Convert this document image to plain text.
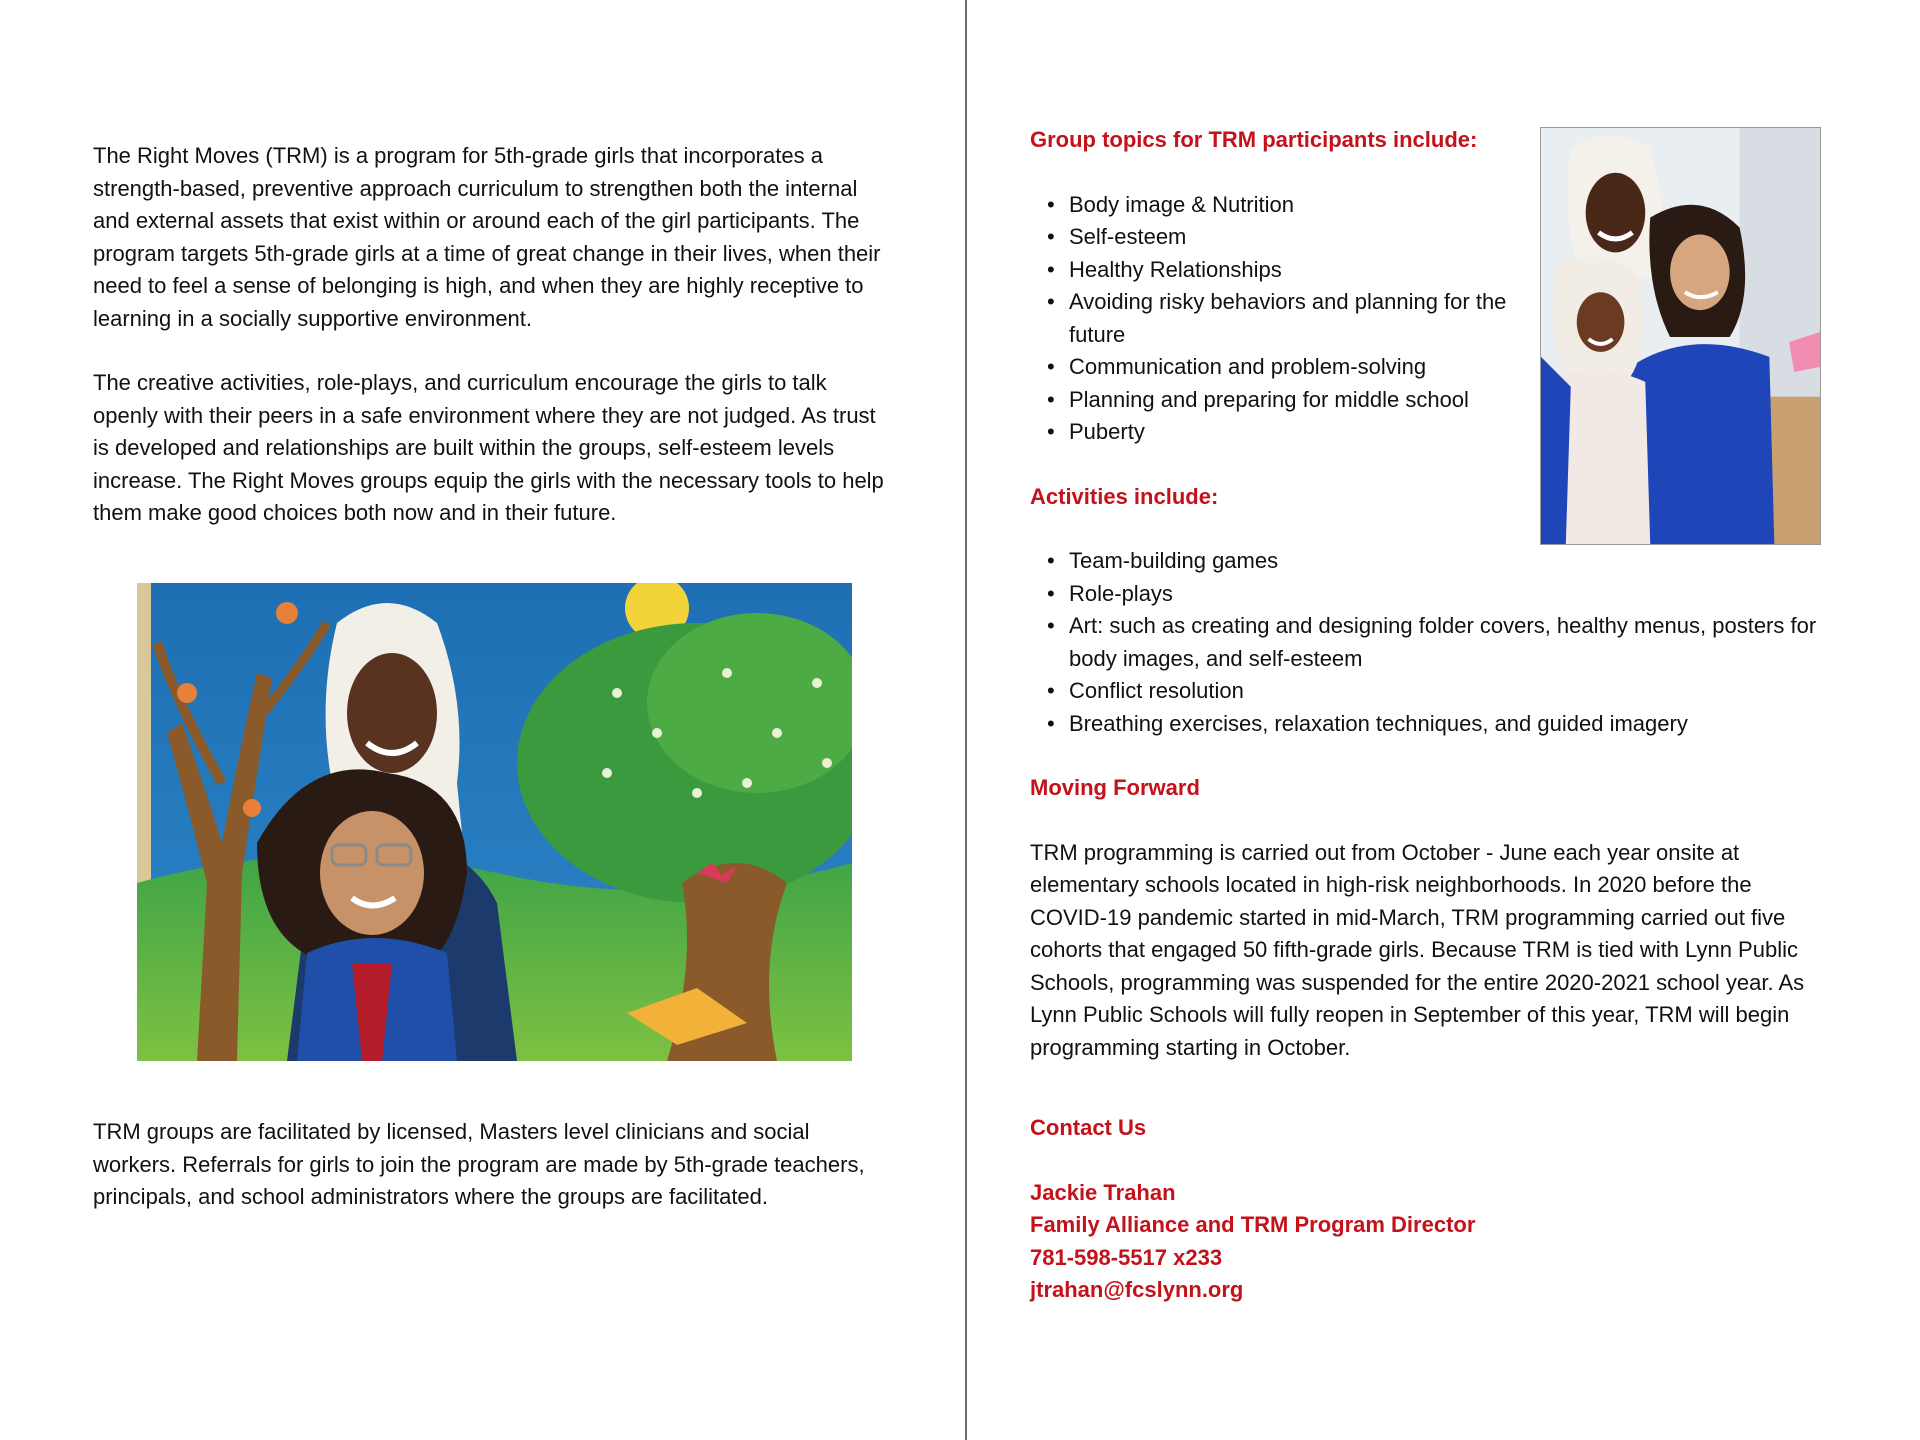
The Right Moves (TRM) is a program for 5th-grade girls that incorporates a strength-based, preventive approach curriculum to strengthen both the internal and external assets that exist within or around each of the girl participants. The program targets 5th-grade girls at a time of great change in their lives, when their need to feel a sense of belonging is high, and when they are highly receptive to learning in a socially supportive environment.

The creative activities, role-plays, and curriculum encourage the girls to talk openly with their peers in a safe environment where they are not judged. As trust is developed and relationships are built within the groups, self-esteem levels increase. The Right Moves groups equip the girls with the necessary tools to help them make good choices both now and in their future.

TRM groups are facilitated by licensed, Masters level clinicians and social workers. Referrals for girls to join the program are made by 5th-grade teachers, principals, and school administrators where the groups are facilitated.

Group topics for TRM participants include:
• Body image & Nutrition
• Self-esteem
• Healthy Relationships
• Avoiding risky behaviors and planning for the future
• Communication and problem-solving
• Planning and preparing for middle school
• Puberty
Activities include:
• Team-building games
• Role-plays
• Art: such as creating and designing folder covers, healthy menus, posters for body images, and self-esteem
• Conflict resolution
• Breathing exercises, relaxation techniques, and guided imagery
Moving Forward

TRM programming is carried out from October - June each year onsite at elementary schools located in high-risk neighborhoods. In 2020 before the COVID-19 pandemic started in mid-March, TRM programming carried out five cohorts that engaged 50 fifth-grade girls. Because TRM is tied with Lynn Public Schools, programming was suspended for the entire 2020-2021 school year. As Lynn Public Schools will fully reopen in September of this year, TRM will begin programming starting in October.

Contact Us
Jackie Trahan
Family Alliance and TRM Program Director
781-598-5517 x233
jtrahan@fcslynn.org
